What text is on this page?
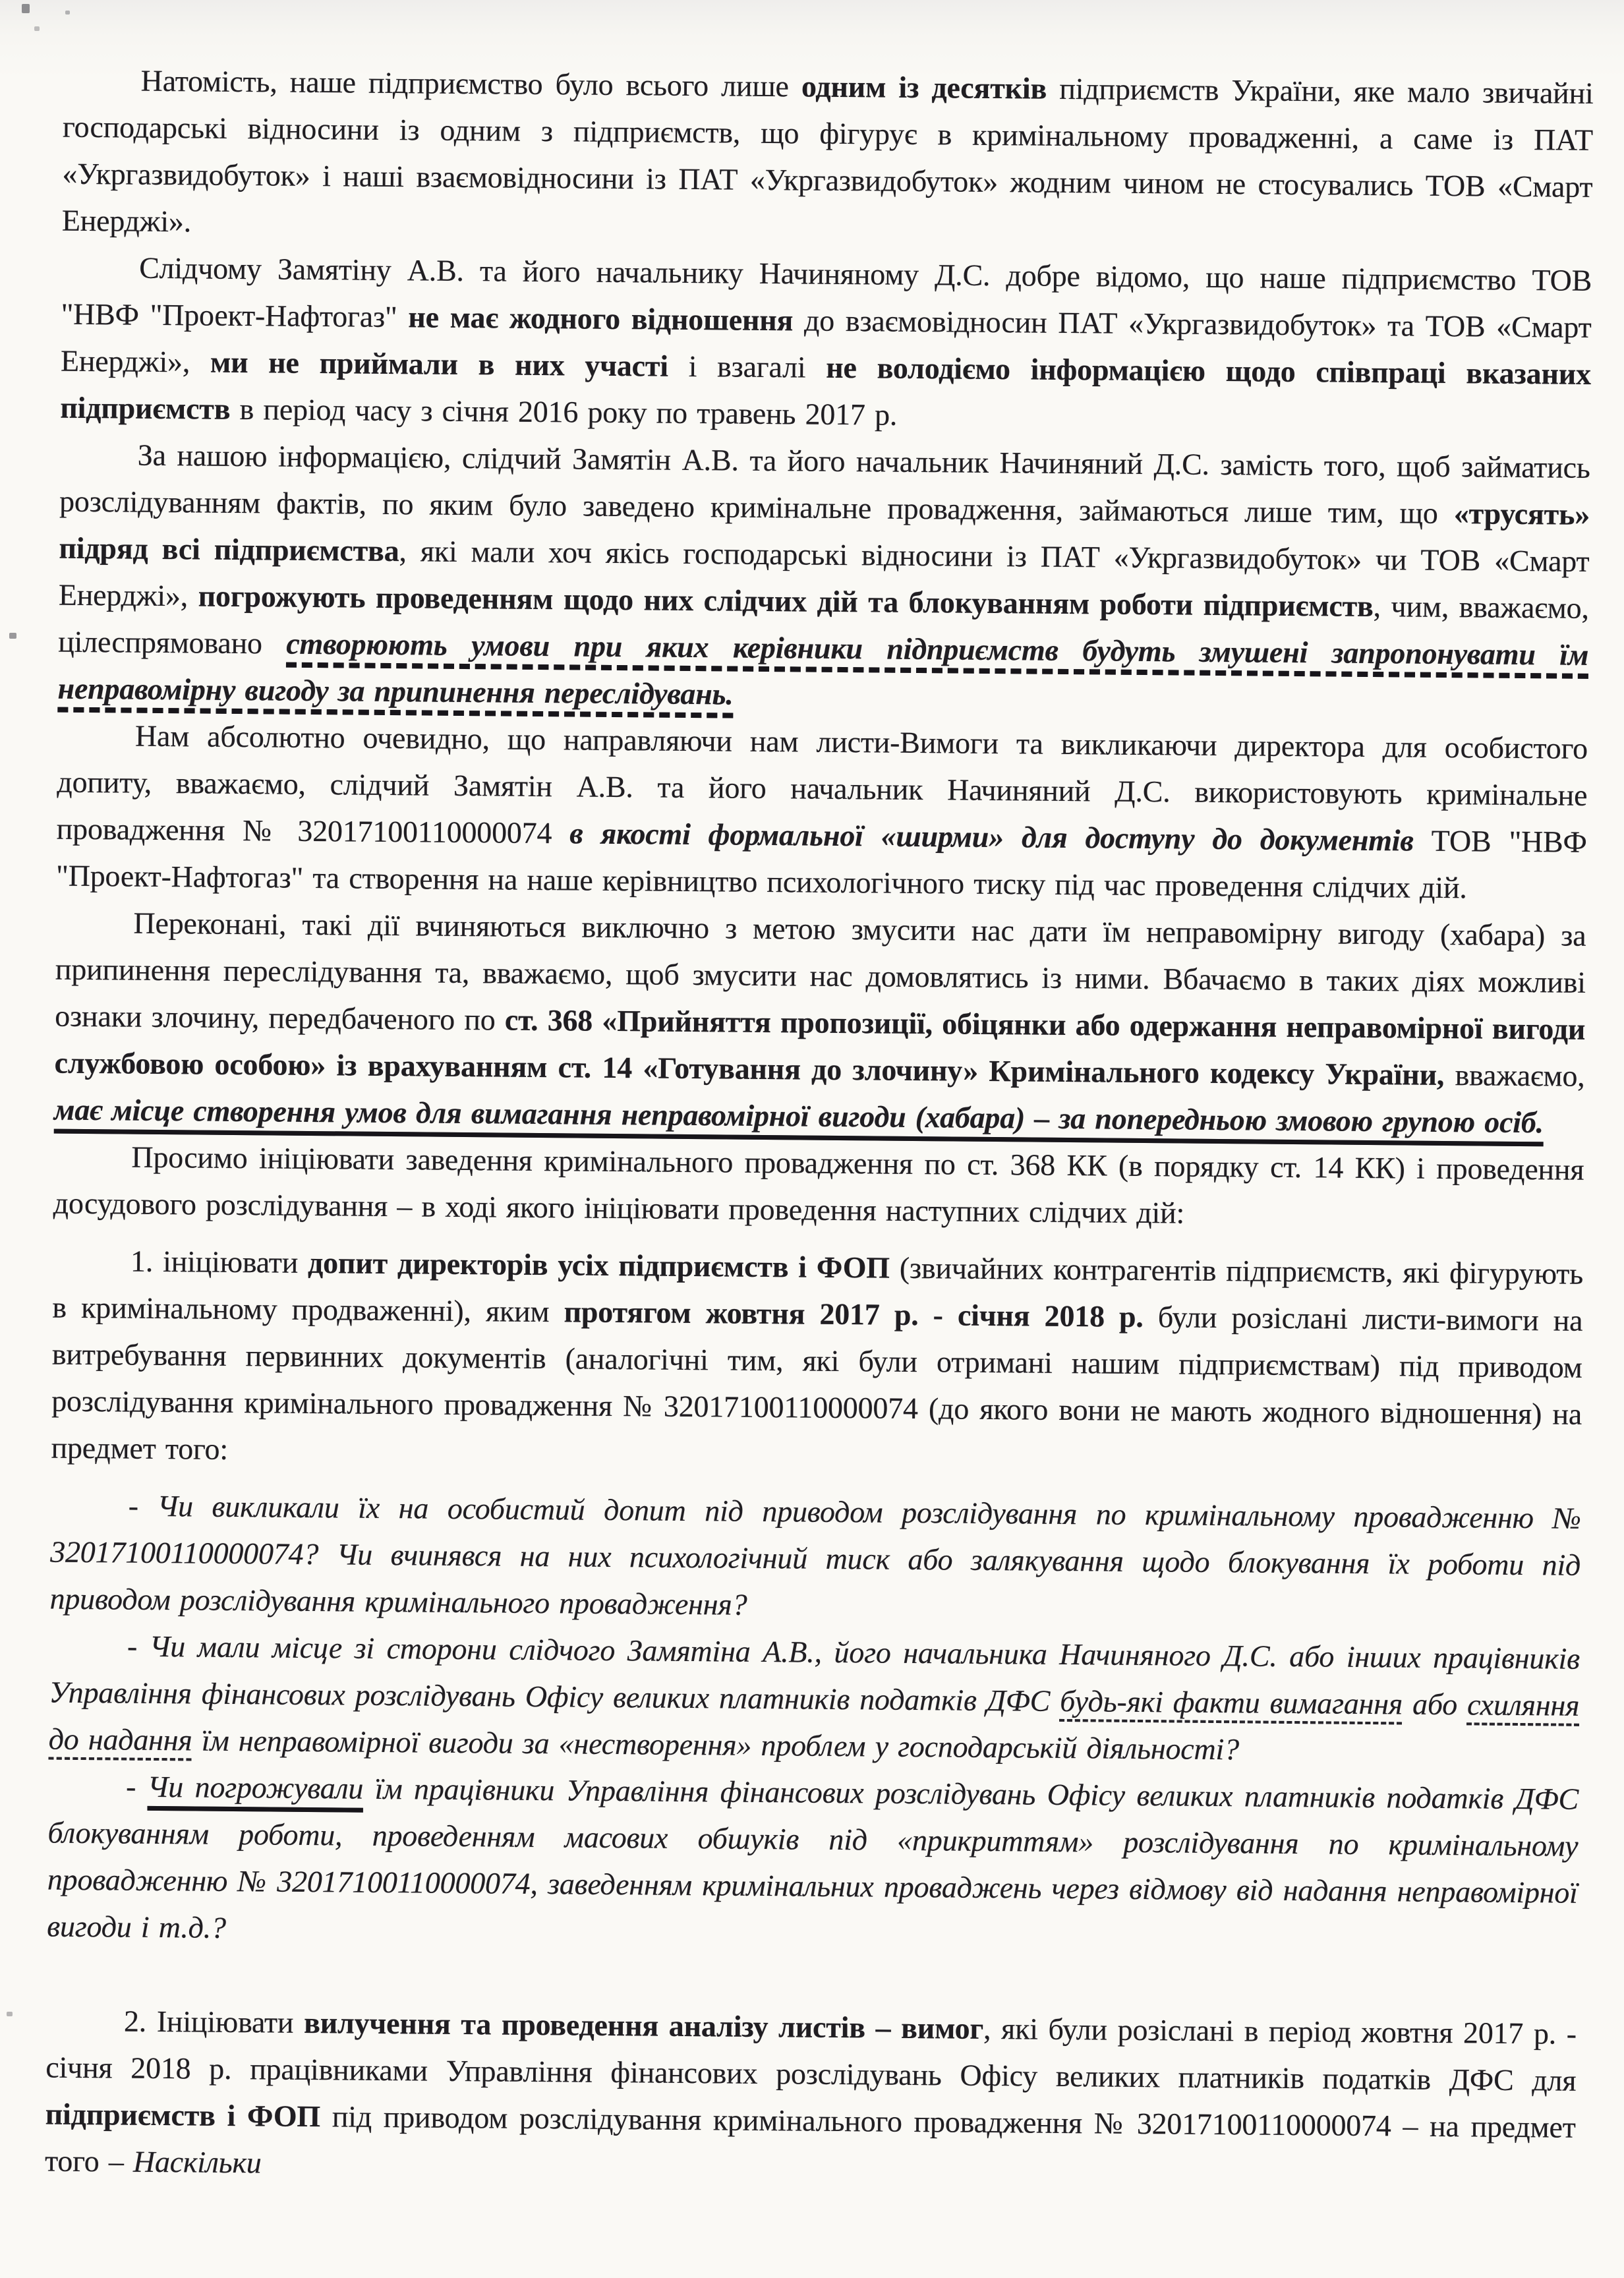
Натомість, наше підприємство було всього лише одним із десятків підприємств України, яке мало звичайні господарські відносини із одним з підприємств, що фігурує в кримінальному провадженні, а саме із ПАТ «Укргазвидобуток» і наші взаємовідносини із ПАТ «Укргазвидобуток» жодним чином не стосувались ТОВ «Смарт Енерджі».

Слідчому Замятіну А.В. та його начальнику Начиняному Д.С. добре відомо, що наше підприємство ТОВ "НВФ "Проект-Нафтогаз" не має жодного відношення до взаємовідносин ПАТ «Укргазвидобуток» та ТОВ «Смарт Енерджі», ми не приймали в них участі і взагалі не володіємо інформацією щодо співпраці вказаних підприємств в період часу з січня 2016 року по травень 2017 р.

За нашою інформацією, слідчий Замятін А.В. та його начальник Начиняний Д.С. замість того, щоб займатись розслідуванням фактів, по яким було заведено кримінальне провадження, займаються лише тим, що «трусять» підряд всі підприємства, які мали хоч якісь господарські відносини із ПАТ «Укргазвидобуток» чи ТОВ «Смарт Енерджі», погрожують проведенням щодо них слідчих дій та блокуванням роботи підприємств, чим, вважаємо, цілеспрямовано створюють умови при яких керівники підприємств будуть змушені запропонувати їм неправомірну вигоду за припинення переслідувань.

Нам абсолютно очевидно, що направляючи нам листи-Вимоги та викликаючи директора для особистого допиту, вважаємо, слідчий Замятін А.В. та його начальник Начиняний Д.С. використовують кримінальне провадження № 32017100110000074 в якості формальної «ширми» для доступу до документів ТОВ "НВФ "Проект-Нафтогаз" та створення на наше керівництво психологічного тиску під час проведення слідчих дій.

Переконані, такі дії вчиняються виключно з метою змусити нас дати їм неправомірну вигоду (хабара) за припинення переслідування та, вважаємо, щоб змусити нас домовлятись із ними. Вбачаємо в таких діях можливі ознаки злочину, передбаченого по ст. 368 «Прийняття пропозиції, обіцянки або одержання неправомірної вигоди службовою особою» із врахуванням ст. 14 «Готування до злочину» Кримінального кодексу України, вважаємо, має місце створення умов для вимагання неправомірної вигоди (хабара) – за попередньою змовою групою осіб.

Просимо ініціювати заведення кримінального провадження по ст. 368 КК (в порядку ст. 14 КК) і проведення досудового розслідування – в ході якого ініціювати проведення наступних слідчих дій:

1. ініціювати допит директорів усіх підприємств і ФОП (звичайних контрагентів підприємств, які фігурують в кримінальному продваженні), яким протягом жовтня 2017 р. - січня 2018 р. були розіслані листи-вимоги на витребування первинних документів (аналогічні тим, які були отримані нашим підприємствам) під приводом розслідування кримінального провадження № 32017100110000074 (до якого вони не мають жодного відношення) на предмет того:

- Чи викликали їх на особистий допит під приводом розслідування по кримінальному провадженню № 32017100110000074? Чи вчинявся на них психологічний тиск або залякування щодо блокування їх роботи під приводом розслідування кримінального провадження?

- Чи мали місце зі сторони слідчого Замятіна А.В., його начальника Начиняного Д.С. або інших працівників Управління фінансових розслідувань Офісу великих платників податків ДФС будь-які факти вимагання або схиляння до надання їм неправомірної вигоди за «нестворення» проблем у господарській діяльності?

- Чи погрожували їм працівники Управління фінансових розслідувань Офісу великих платників податків ДФС блокуванням роботи, проведенням масових обшуків під «прикриттям» розслідування по кримінальному провадженню № 32017100110000074, заведенням кримінальних проваджень через відмову від надання неправомірної вигоди і т.д.?

2. Ініціювати вилучення та проведення аналізу листів – вимог, які були розіслані в період жовтня 2017 р. - січня 2018 р. працівниками Управління фінансових розслідувань Офісу великих платників податків ДФС для підприємств і ФОП під приводом розслідування кримінального провадження № 32017100110000074 – на предмет того – Наскільки
